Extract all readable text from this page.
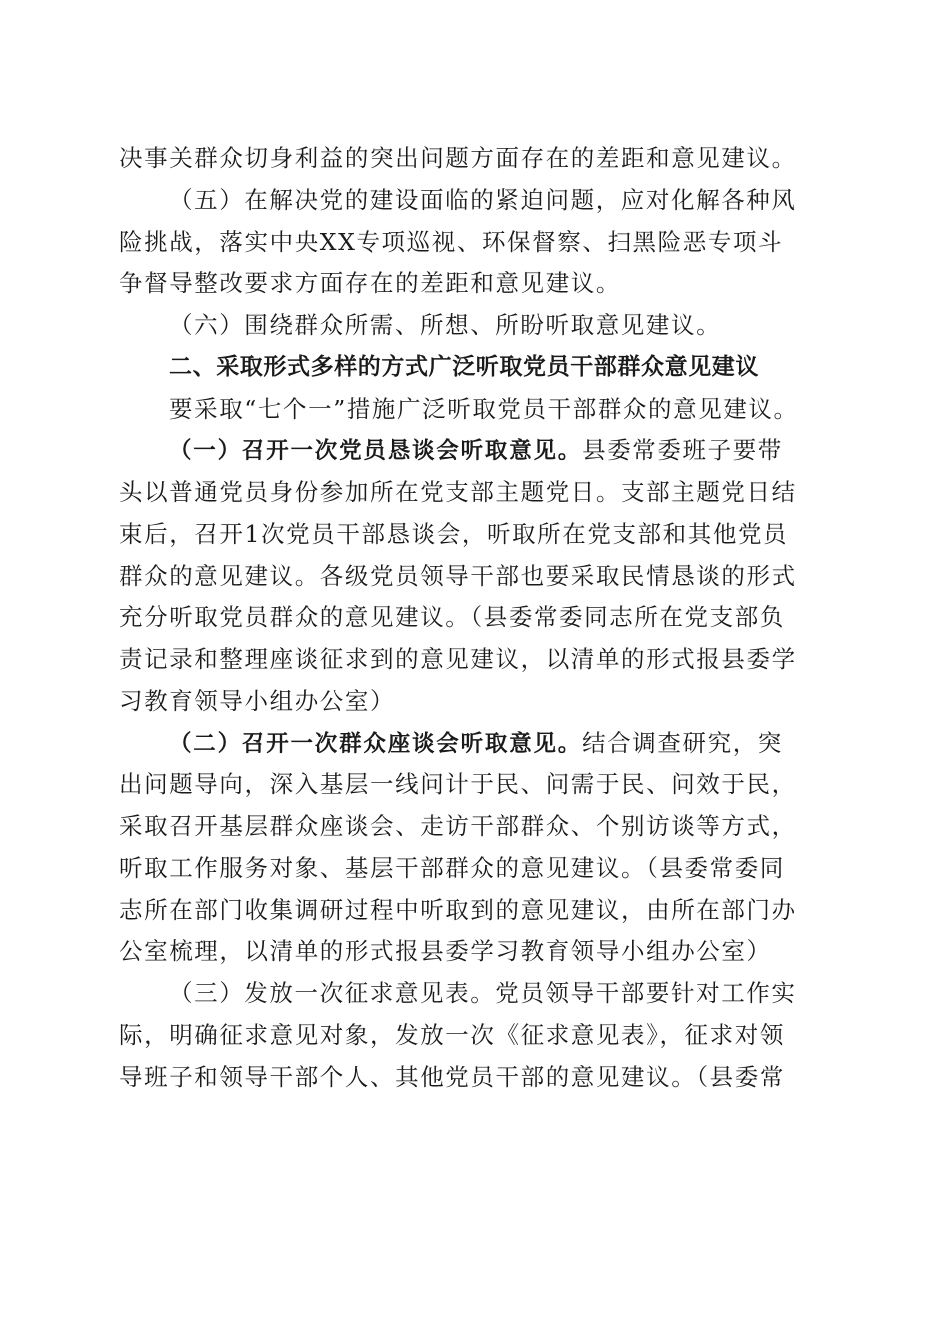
决事关群众切身利益的突出问题方面存在的差距和意见建议。
（五）在解决党的建设面临的紧迫问题，应对化解各种风
险挑战，落实中央XX专项巡视、环保督察、扫黑险恶专项斗
争督导整改要求方面存在的差距和意见建议。
（六）围绕群众所需、所想、所盼听取意见建议。
二、采取形式多样的方式广泛听取党员干部群众意见建议
要采取“七个一”措施广泛听取党员干部群众的意见建议。
（一）召开一次党员恳谈会听取意见。县委常委班子要带
头以普通党员身份参加所在党支部主题党日。支部主题党日结
束后，召开1次党员干部恳谈会，听取所在党支部和其他党员
群众的意见建议。各级党员领导干部也要采取民情恳谈的形式
充分听取党员群众的意见建议。（县委常委同志所在党支部负
责记录和整理座谈征求到的意见建议，以清单的形式报县委学
习教育领导小组办公室）
（二）召开一次群众座谈会听取意见。结合调查研究，突
出问题导向，深入基层一线问计于民、问需于民、问效于民，
采取召开基层群众座谈会、走访干部群众、个别访谈等方式，
听取工作服务对象、基层干部群众的意见建议。（县委常委同
志所在部门收集调研过程中听取到的意见建议，由所在部门办
公室梳理，以清单的形式报县委学习教育领导小组办公室）
（三）发放一次征求意见表。党员领导干部要针对工作实
际，明确征求意见对象，发放一次《征求意见表》，征求对领
导班子和领导干部个人、其他党员干部的意见建议。（县委常
